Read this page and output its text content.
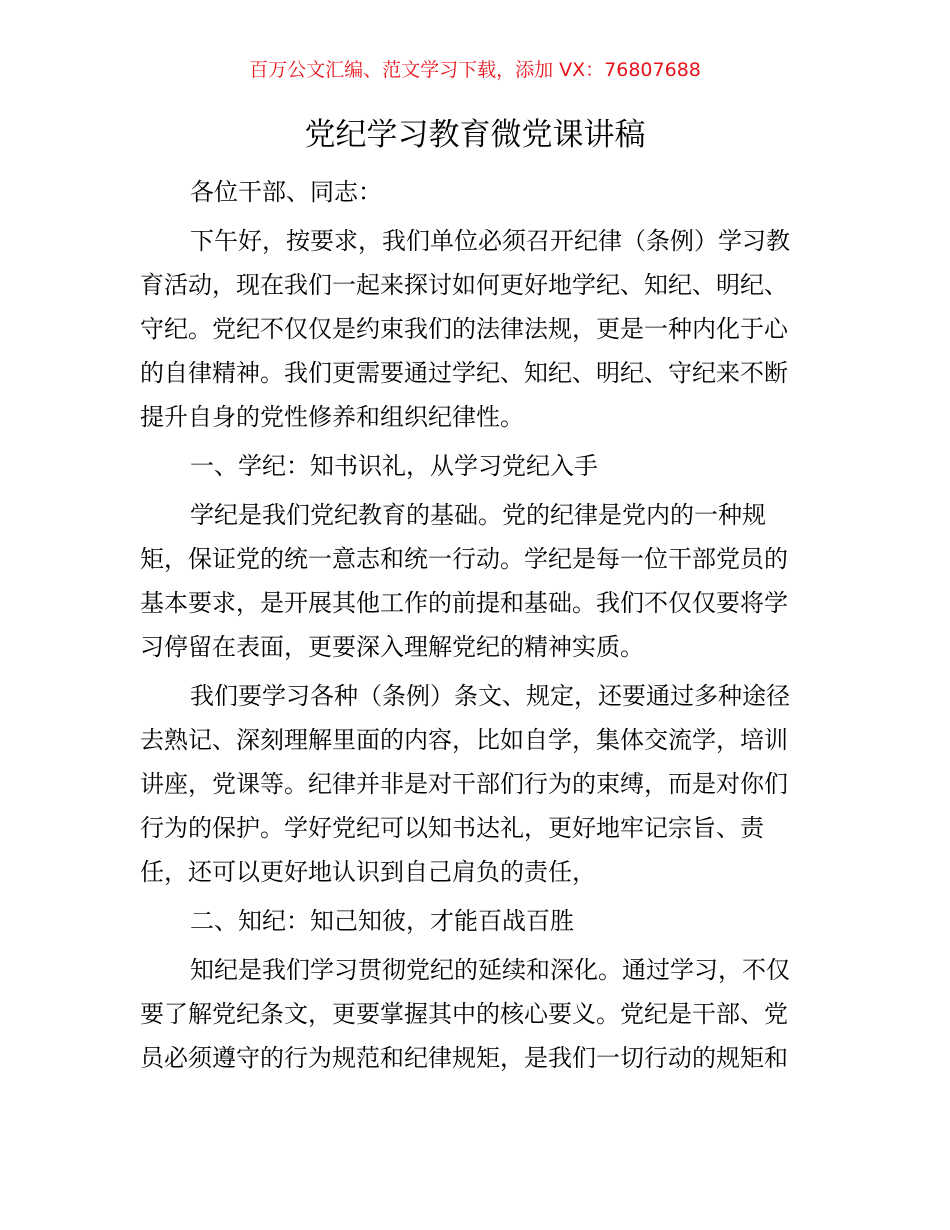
百万公文汇编、范文学习下载，添加 VX：76807688
党纪学习教育微党课讲稿
各位干部、同志：
下午好，按要求，我们单位必须召开纪律（条例）学习教
育活动，现在我们一起来探讨如何更好地学纪、知纪、明纪、
守纪。党纪不仅仅是约束我们的法律法规，更是一种内化于心
的自律精神。我们更需要通过学纪、知纪、明纪、守纪来不断
提升自身的党性修养和组织纪律性。
一、学纪：知书识礼，从学习党纪入手
学纪是我们党纪教育的基础。党的纪律是党内的一种规
矩，保证党的统一意志和统一行动。学纪是每一位干部党员的
基本要求，是开展其他工作的前提和基础。我们不仅仅要将学
习停留在表面，更要深入理解党纪的精神实质。
我们要学习各种（条例）条文、规定，还要通过多种途径
去熟记、深刻理解里面的内容，比如自学，集体交流学，培训
讲座，党课等。纪律并非是对干部们行为的束缚，而是对你们
行为的保护。学好党纪可以知书达礼，更好地牢记宗旨、责
任，还可以更好地认识到自己肩负的责任，
二、知纪：知己知彼，才能百战百胜
知纪是我们学习贯彻党纪的延续和深化。通过学习，不仅
要了解党纪条文，更要掌握其中的核心要义。党纪是干部、党
员必须遵守的行为规范和纪律规矩，是我们一切行动的规矩和
